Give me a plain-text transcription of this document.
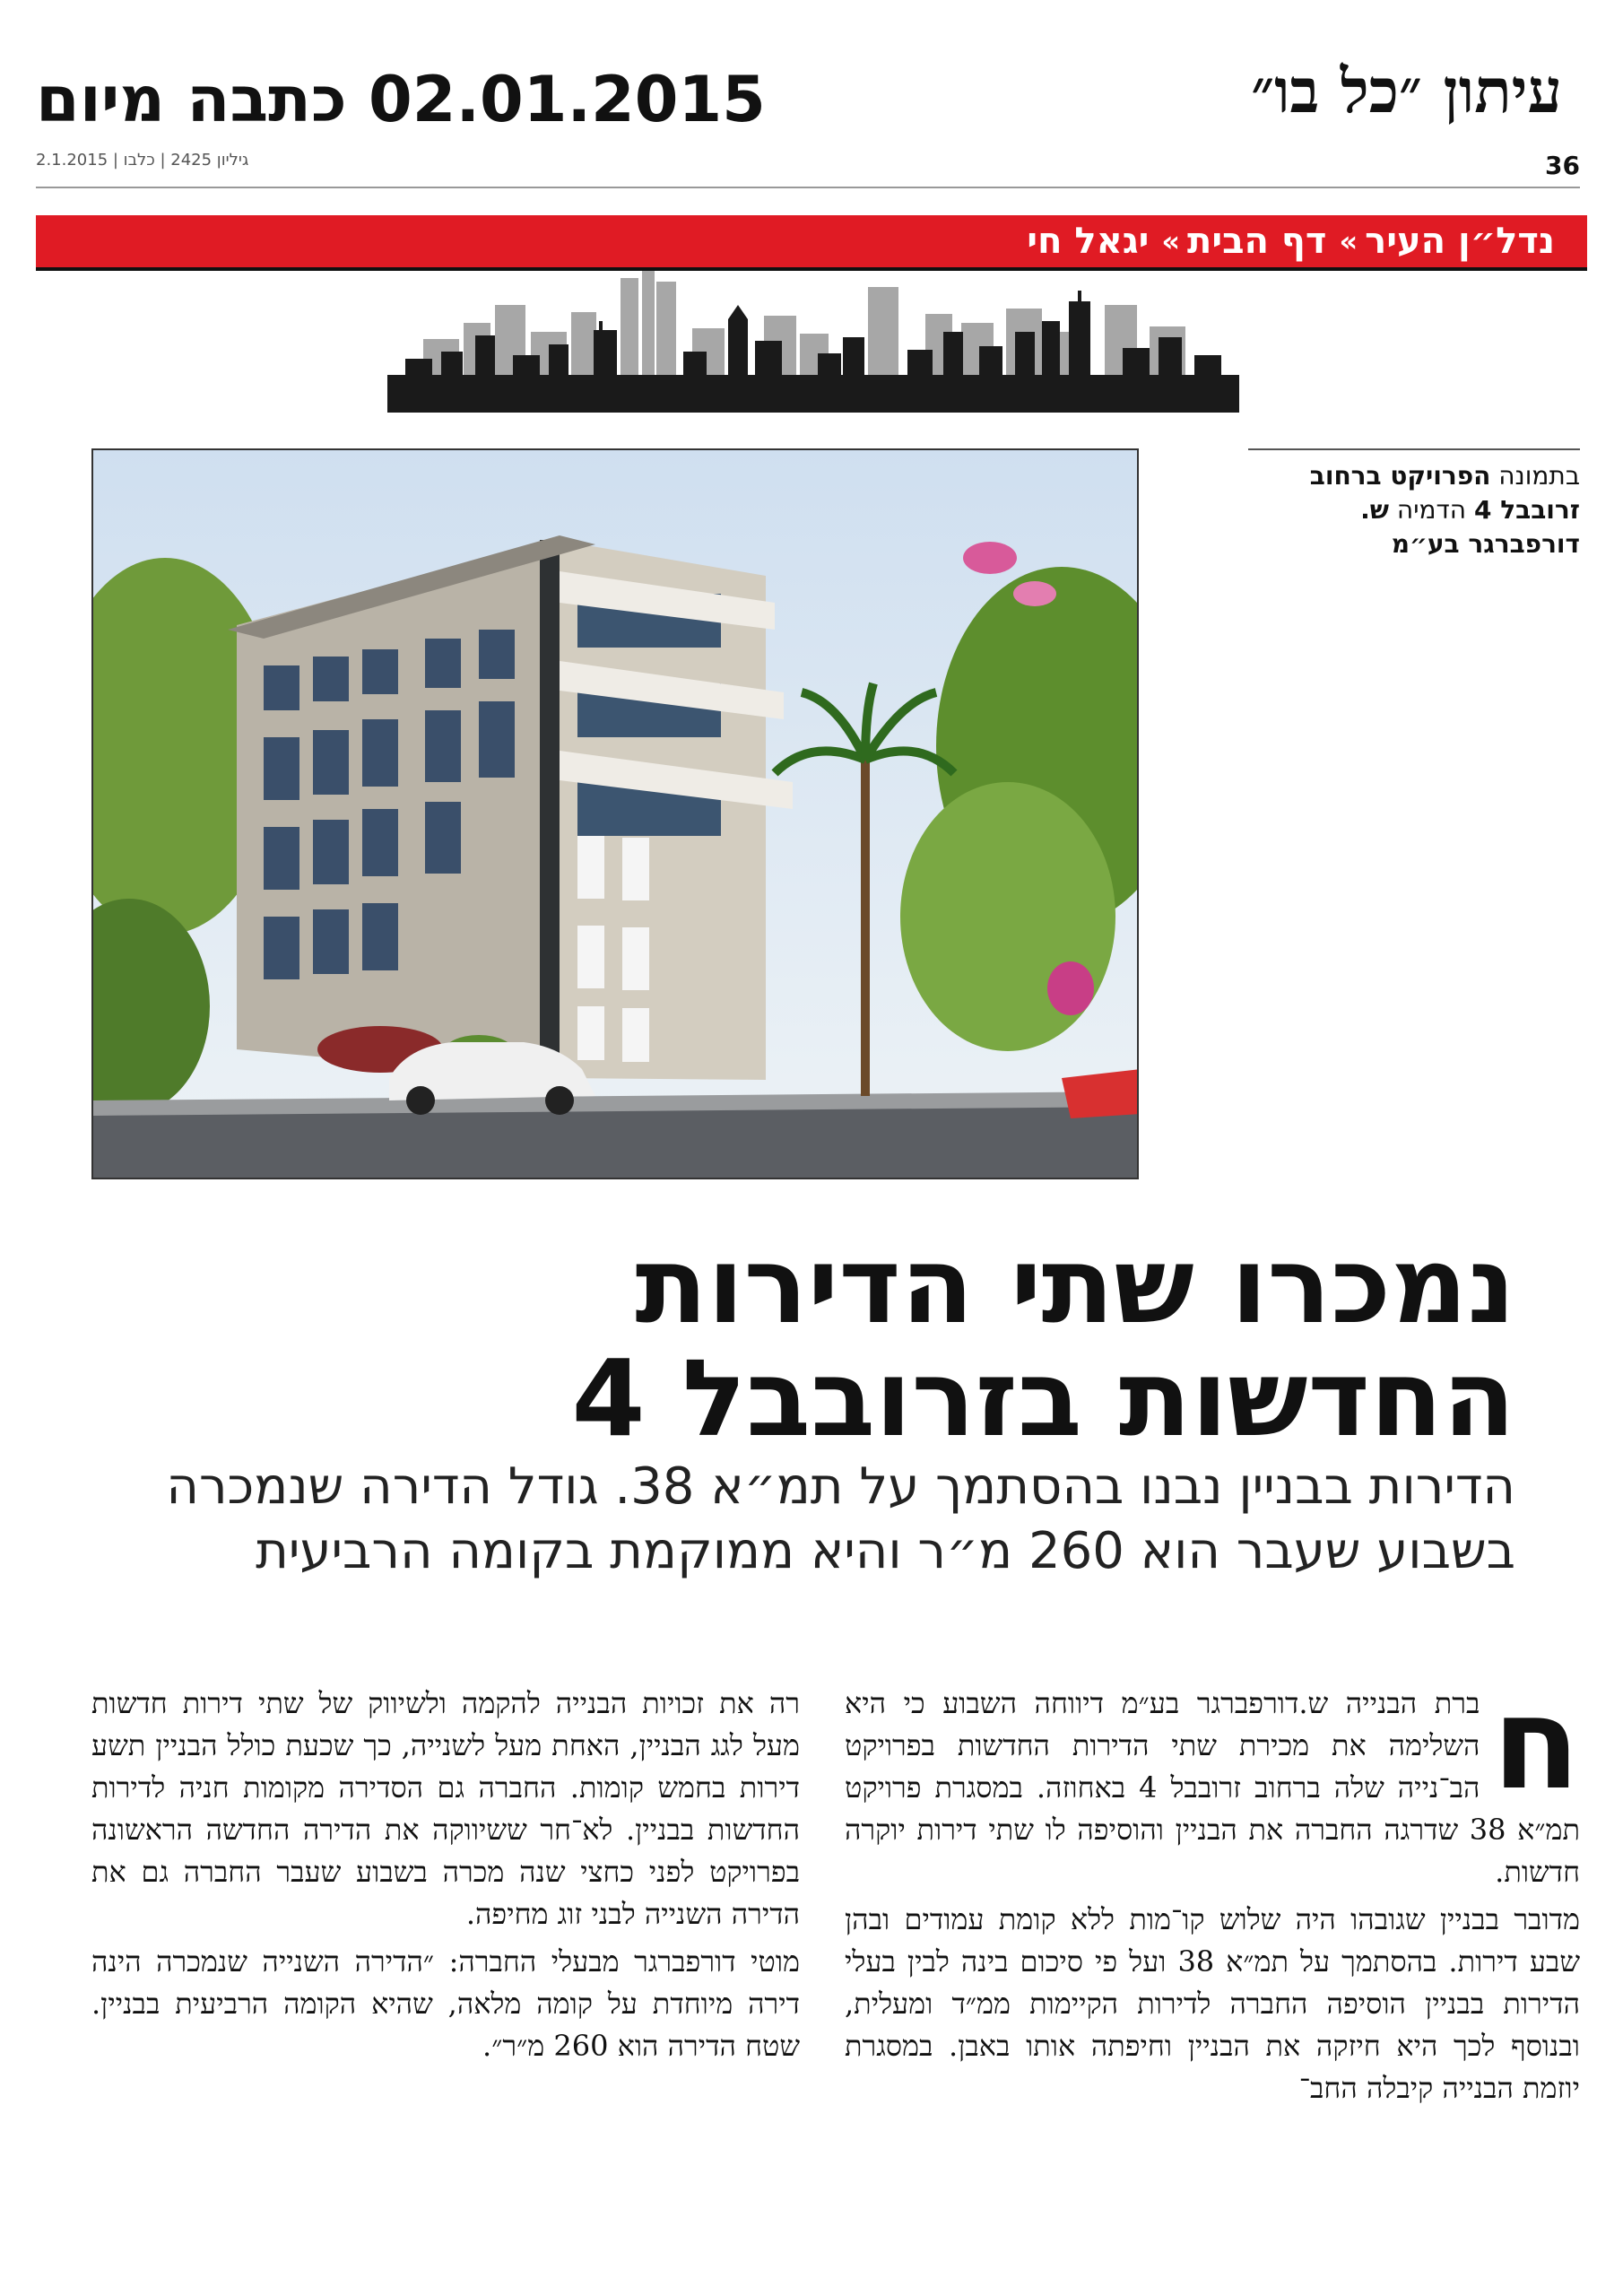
עיתון ״כל בו״
02.01.2015 כתבה מיום
2.1.2015 | גיליון 2425 | כלבו	36
נדל״ן העיר
»
דף הבית
»
יגאל חי
בתמונה הפרויקט ברחוב זרובבל 4 הדמיה ש. דורפברגר בע״מ
נמכרו שתי הדירות
החדשות בזרובבל 4
הדירות בבניין נבנו בהסתמך על תמ״א 38. גודל הדירה שנמכרה בשבוע שעבר הוא 260 מ״ר והיא ממוקמת בקומה הרביעית
ח

ברת הבנייה ש.דורפברגר בע״מ דיווחה השבוע כי היא השלימה את מכירת שתי הדירות החדשות בפרויקט הב־נייה שלה ברחוב זרובבל 4 באחוזה. במסגרת פרויקט תמ״א 38 שדרגה החברה את הבניין והוסיפה לו שתי דירות יוקרה חדשות.

מדובר בבניין שגובהו היה שלוש קו־מות ללא קומת עמודים ובהן שבע דירות. בהסתמך על תמ״א 38 ועל פי סיכום בינה לבין בעלי הדירות בבניין הוסיפה החברה לדירות הקיימות ממ״ד ומעלית, ובנוסף לכך היא חיזקה את הבניין וחיפתה אותו באבן. במסגרת יוזמת הבנייה קיבלה החב־

רה את זכויות הבנייה להקמה ולשיווק של שתי דירות חדשות מעל לגג הבניין, האחת מעל לשנייה, כך שכעת כולל הבניין תשע דירות בחמש קומות. החברה גם הסדירה מקומות חניה לדירות החדשות בבניין. לא־חר ששיווקה את הדירה החדשה הראשונה בפרויקט לפני כחצי שנה מכרה בשבוע שעבר החברה גם את הדירה השנייה לבני זוג מחיפה.

מוטי דורפברגר מבעלי החברה: ״הדירה השנייה שנמכרה הינה דירה מיוחדת על קומה מלאה, שהיא הקומה הרביעית בבניין. שטח הדירה הוא 260 מ״ר״.
